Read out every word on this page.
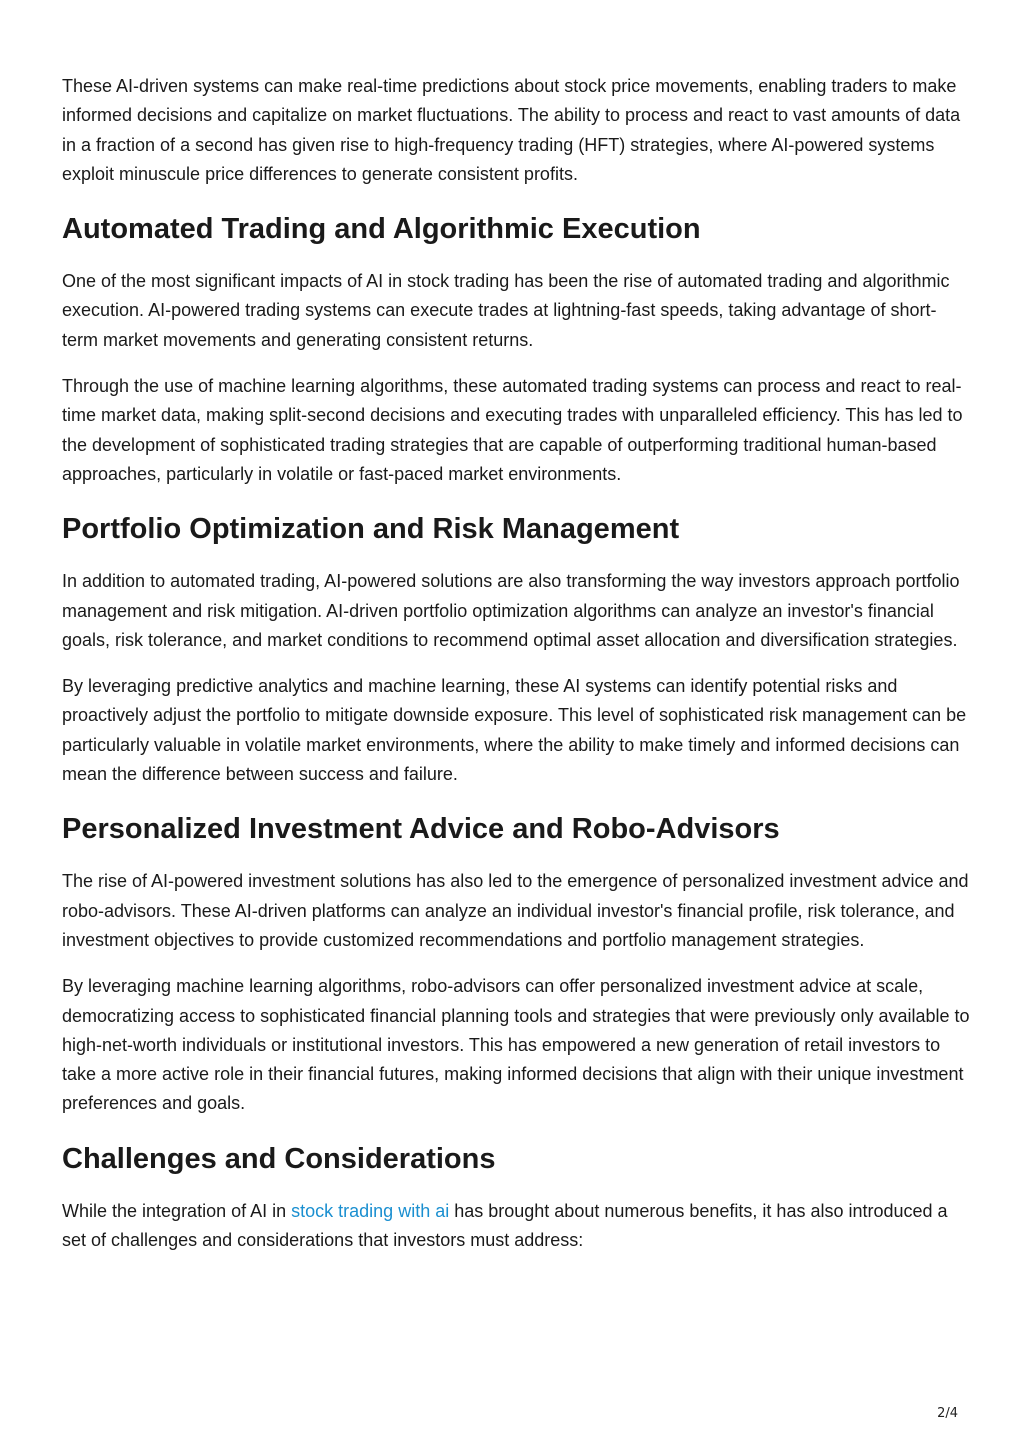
These AI-driven systems can make real-time predictions about stock price movements, enabling traders to make informed decisions and capitalize on market fluctuations. The ability to process and react to vast amounts of data in a fraction of a second has given rise to high-frequency trading (HFT) strategies, where AI-powered systems exploit minuscule price differences to generate consistent profits.

Automated Trading and Algorithmic Execution

One of the most significant impacts of AI in stock trading has been the rise of automated trading and algorithmic execution. AI-powered trading systems can execute trades at lightning-fast speeds, taking advantage of short-term market movements and generating consistent returns.

Through the use of machine learning algorithms, these automated trading systems can process and react to real-time market data, making split-second decisions and executing trades with unparalleled efficiency. This has led to the development of sophisticated trading strategies that are capable of outperforming traditional human-based approaches, particularly in volatile or fast-paced market environments.

Portfolio Optimization and Risk Management

In addition to automated trading, AI-powered solutions are also transforming the way investors approach portfolio management and risk mitigation. AI-driven portfolio optimization algorithms can analyze an investor's financial goals, risk tolerance, and market conditions to recommend optimal asset allocation and diversification strategies.

By leveraging predictive analytics and machine learning, these AI systems can identify potential risks and proactively adjust the portfolio to mitigate downside exposure. This level of sophisticated risk management can be particularly valuable in volatile market environments, where the ability to make timely and informed decisions can mean the difference between success and failure.

Personalized Investment Advice and Robo-Advisors

The rise of AI-powered investment solutions has also led to the emergence of personalized investment advice and robo-advisors. These AI-driven platforms can analyze an individual investor's financial profile, risk tolerance, and investment objectives to provide customized recommendations and portfolio management strategies.

By leveraging machine learning algorithms, robo-advisors can offer personalized investment advice at scale, democratizing access to sophisticated financial planning tools and strategies that were previously only available to high-net-worth individuals or institutional investors. This has empowered a new generation of retail investors to take a more active role in their financial futures, making informed decisions that align with their unique investment preferences and goals.

Challenges and Considerations

While the integration of AI in stock trading with ai has brought about numerous benefits, it has also introduced a set of challenges and considerations that investors must address:

2/4
